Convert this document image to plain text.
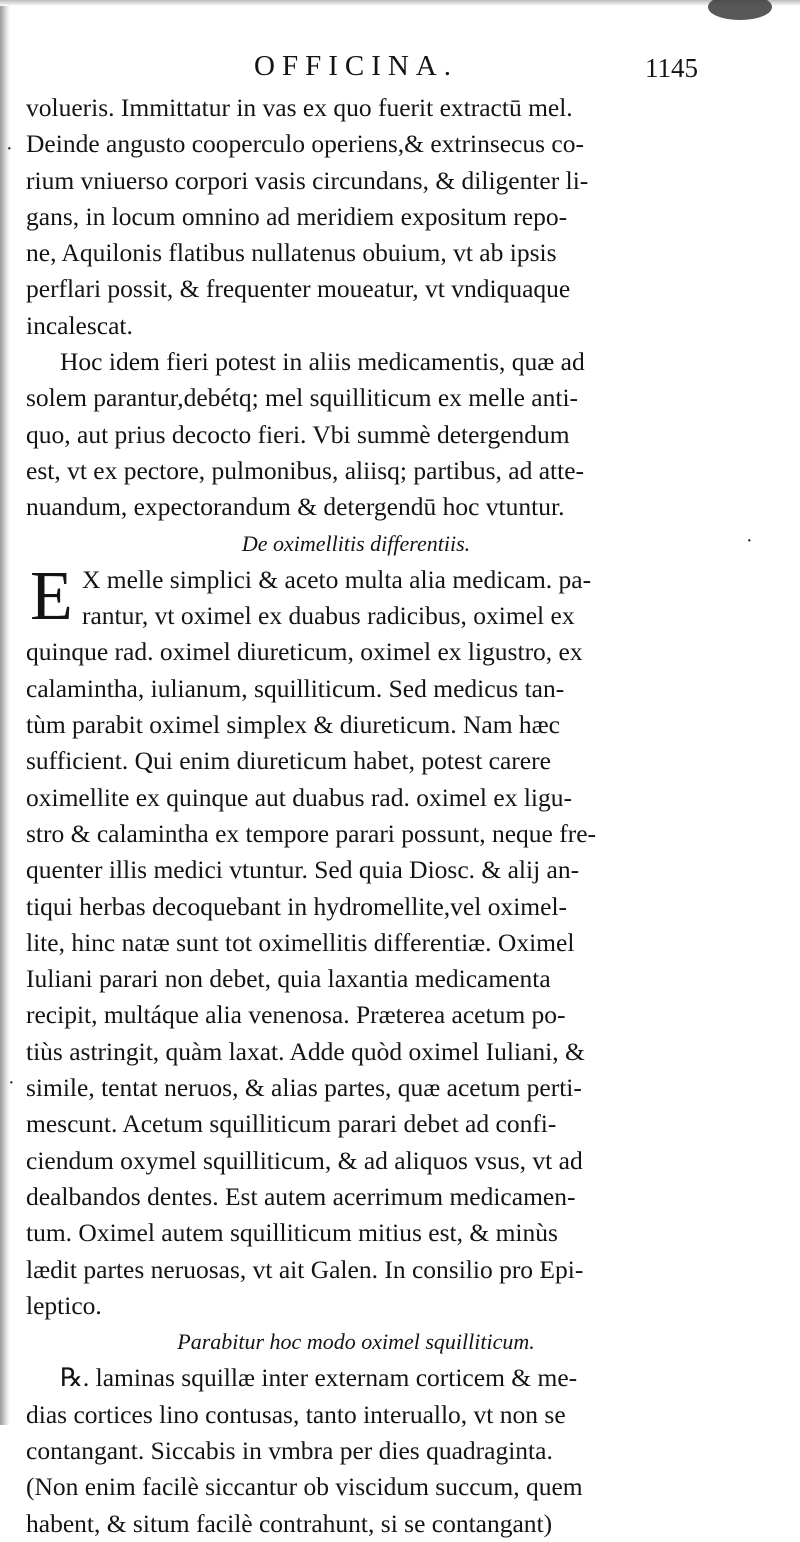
·
·
·
OFFICINA.	1145
volueris. Immittatur in vas ex quo fuerit extractū mel.
Deinde angusto cooperculo operiens,& extrinsecus co-
rium vniuerso corpori vasis circundans, & diligenter li-
gans, in locum omnino ad meridiem expositum repo-
ne, Aquilonis flatibus nullatenus obuium, vt ab ipsis
perflari possit, & frequenter moueatur, vt vndiquaque
incalescat.
Hoc idem fieri potest in aliis medicamentis, quæ ad
solem parantur,debétq; mel squilliticum ex melle anti-
quo, aut prius decocto fieri. Vbi summè detergendum
est, vt ex pectore, pulmonibus, aliisq; partibus, ad atte-
nuandum, expectorandum & detergendū hoc vtuntur.
De oximellitis differentiis.
E X melle simplici & aceto multa alia medicam. pa-
rantur, vt oximel ex duabus radicibus, oximel ex
quinque rad. oximel diureticum, oximel ex ligustro, ex
calamintha, iulianum, squilliticum. Sed medicus tan-
tùm parabit oximel simplex & diureticum. Nam hæc
sufficient. Qui enim diureticum habet, potest carere
oximellite ex quinque aut duabus rad. oximel ex ligu-
stro & calamintha ex tempore parari possunt, neque fre-
quenter illis medici vtuntur. Sed quia Diosc. & alij an-
tiqui herbas decoquebant in hydromellite,vel oximel-
lite, hinc natæ sunt tot oximellitis differentiæ. Oximel
Iuliani parari non debet, quia laxantia medicamenta
recipit, multáque alia venenosa. Præterea acetum po-
tiùs astringit, quàm laxat. Adde quòd oximel Iuliani, &
simile, tentat neruos, & alias partes, quæ acetum perti-
mescunt. Acetum squilliticum parari debet ad confi-
ciendum oxymel squilliticum, & ad aliquos vsus, vt ad
dealbandos dentes. Est autem acerrimum medicamen-
tum. Oximel autem squilliticum mitius est, & minùs
lædit partes neruosas, vt ait Galen. In consilio pro Epi-
leptico.
Parabitur hoc modo oximel squilliticum.
℞. laminas squillæ inter externam corticem & me-
dias cortices lino contusas, tanto interuallo, vt non se
contangant. Siccabis in vmbra per dies quadraginta.
(Non enim facilè siccantur ob viscidum succum, quem
habent, & situm facilè contrahunt, si se contangant)
